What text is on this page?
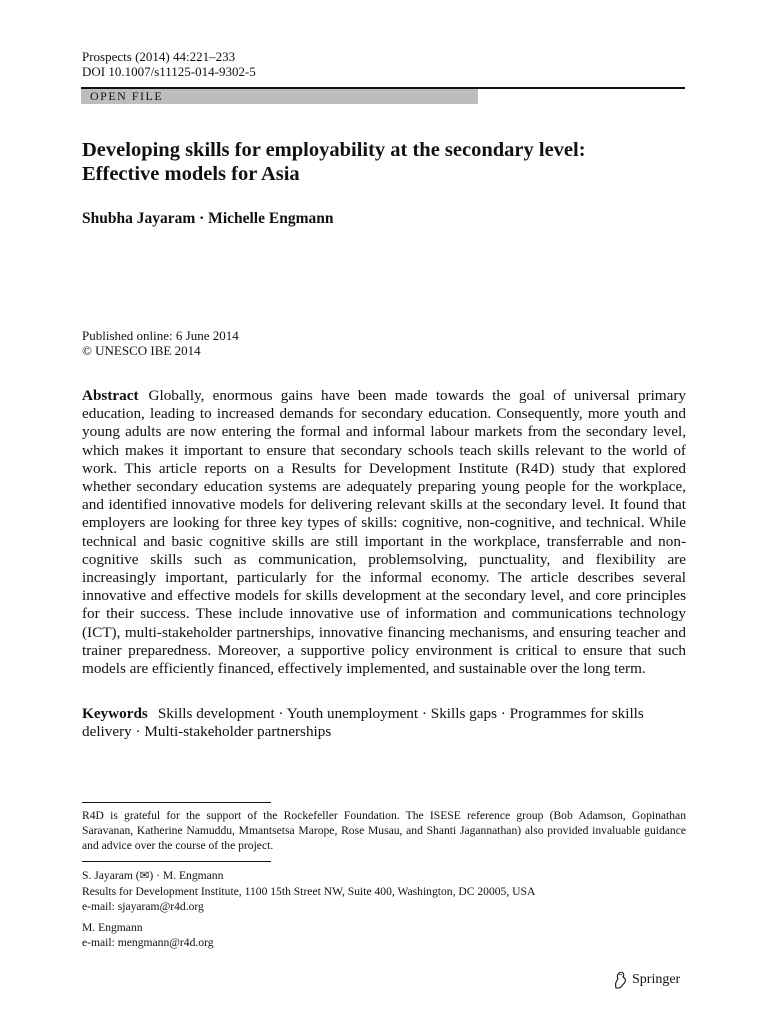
Prospects (2014) 44:221–233
DOI 10.1007/s11125-014-9302-5
OPEN FILE
Developing skills for employability at the secondary level:
Effective models for Asia
Shubha Jayaram · Michelle Engmann
Published online: 6 June 2014
© UNESCO IBE 2014
Abstract Globally, enormous gains have been made towards the goal of universal primary education, leading to increased demands for secondary education. Consequently, more youth and young adults are now entering the formal and informal labour markets from the secondary level, which makes it important to ensure that secondary schools teach skills relevant to the world of work. This article reports on a Results for Development Institute (R4D) study that explored whether secondary education systems are adequately preparing young people for the workplace, and identified innovative models for delivering relevant skills at the secondary level. It found that employers are looking for three key types of skills: cognitive, non-cognitive, and technical. While technical and basic cognitive skills are still important in the workplace, transferrable and non-cognitive skills such as communication, problemsolving, punctuality, and flexibility are increasingly important, particularly for the informal economy. The article describes several innovative and effective models for skills development at the secondary level, and core principles for their success. These include innovative use of information and communications technology (ICT), multi-stakeholder partnerships, innovative financing mechanisms, and ensuring teacher and trainer preparedness. Moreover, a supportive policy environment is critical to ensure that such models are efficiently financed, effectively implemented, and sustainable over the long term.
Keywords Skills development · Youth unemployment · Skills gaps · Programmes for skills delivery · Multi-stakeholder partnerships
R4D is grateful for the support of the Rockefeller Foundation. The ISESE reference group (Bob Adamson, Gopinathan Saravanan, Katherine Namuddu, Mmantsetsa Marope, Rose Musau, and Shanti Jagannathan) also provided invaluable guidance and advice over the course of the project.
S. Jayaram (✉) · M. Engmann
Results for Development Institute, 1100 15th Street NW, Suite 400, Washington, DC 20005, USA
e-mail: sjayaram@r4d.org
M. Engmann
e-mail: mengmann@r4d.org
Springer
